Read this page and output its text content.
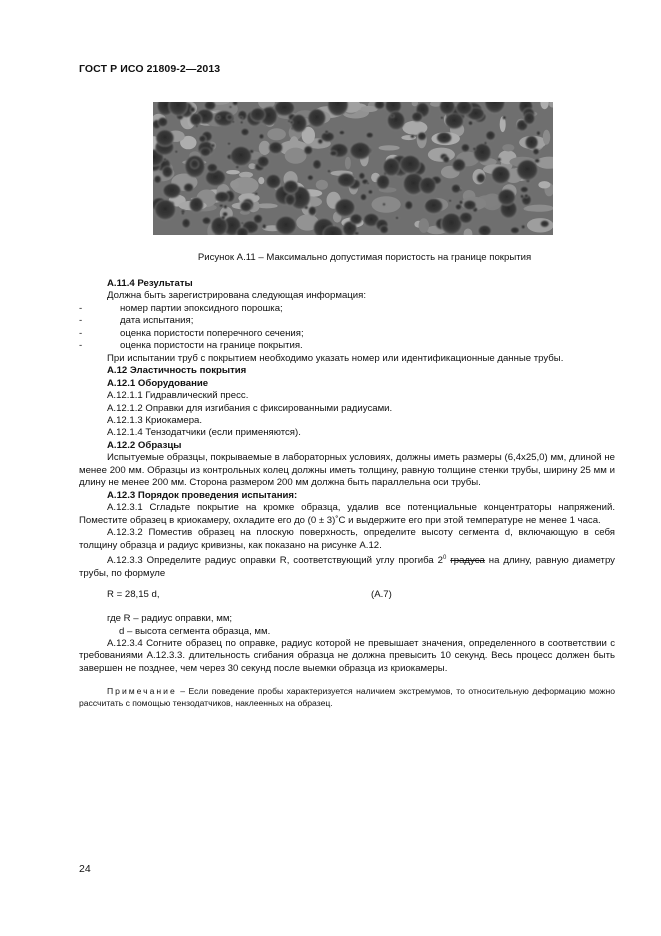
ГОСТ Р ИСО 21809-2—2013
Рисунок А.11 – Максимально допустимая пористость на границе покрытия

А.11.4 Результаты

Должна быть зарегистрирована следующая информация:

-	номер партии эпоксидного порошка;
-	дата испытания;
-	оценка пористости поперечного сечения;
-	оценка пористости на границе покрытия.

При испытании труб с покрытием необходимо указать номер или идентификационные данные трубы.

А.12 Эластичность покрытия

А.12.1 Оборудование

А.12.1.1 Гидравлический пресс.

А.12.1.2 Оправки для изгибания с фиксированными радиусами.

А.12.1.3 Криокамера.

А.12.1.4 Тензодатчики (если применяются).

А.12.2 Образцы

Испытуемые образцы, покрываемые в лабораторных условиях, должны иметь размеры (6,4х25,0) мм, длиной не менее 200 мм. Образцы из контрольных колец должны иметь толщину, равную толщине стенки трубы, ширину 25 мм и длину не менее 200 мм. Сторона размером 200 мм должна быть параллельна оси трубы.

А.12.3 Порядок проведения испытания:

А.12.3.1 Сгладьте покрытие на кромке образца, удалив все потенциальные концентраторы напряжений. Поместите образец в криокамеру, охладите его до (0 ± 3)˚С и выдержите его при этой температуре не менее 1 часа.

А.12.3.2 Поместив образец на плоскую поверхность, определите высоту сегмента d, включающую в себя толщину образца и радиус кривизны, как показано на рисунке А.12.

А.12.3.3 Определите радиус оправки R, соответствующий углу прогиба $2^0$ градуса на длину, равную диаметру трубы, по формуле

R = 28,15 d,	(А.7)

где R – радиус оправки, мм;

d – высота сегмента образца, мм.

А.12.3.4 Согните образец по оправке, радиус которой не превышает значения, определенного в соответствии с требованиями А.12.3.3. длительность сгибания образца не должна превысить 10 секунд. Весь процесс должен быть завершен не позднее, чем через 30 секунд после выемки образца из криокамеры.

Примечание – Если поведение пробы характеризуется наличием экстремумов, то относительную деформацию можно рассчитать с помощью тензодатчиков, наклеенных на образец.

24
